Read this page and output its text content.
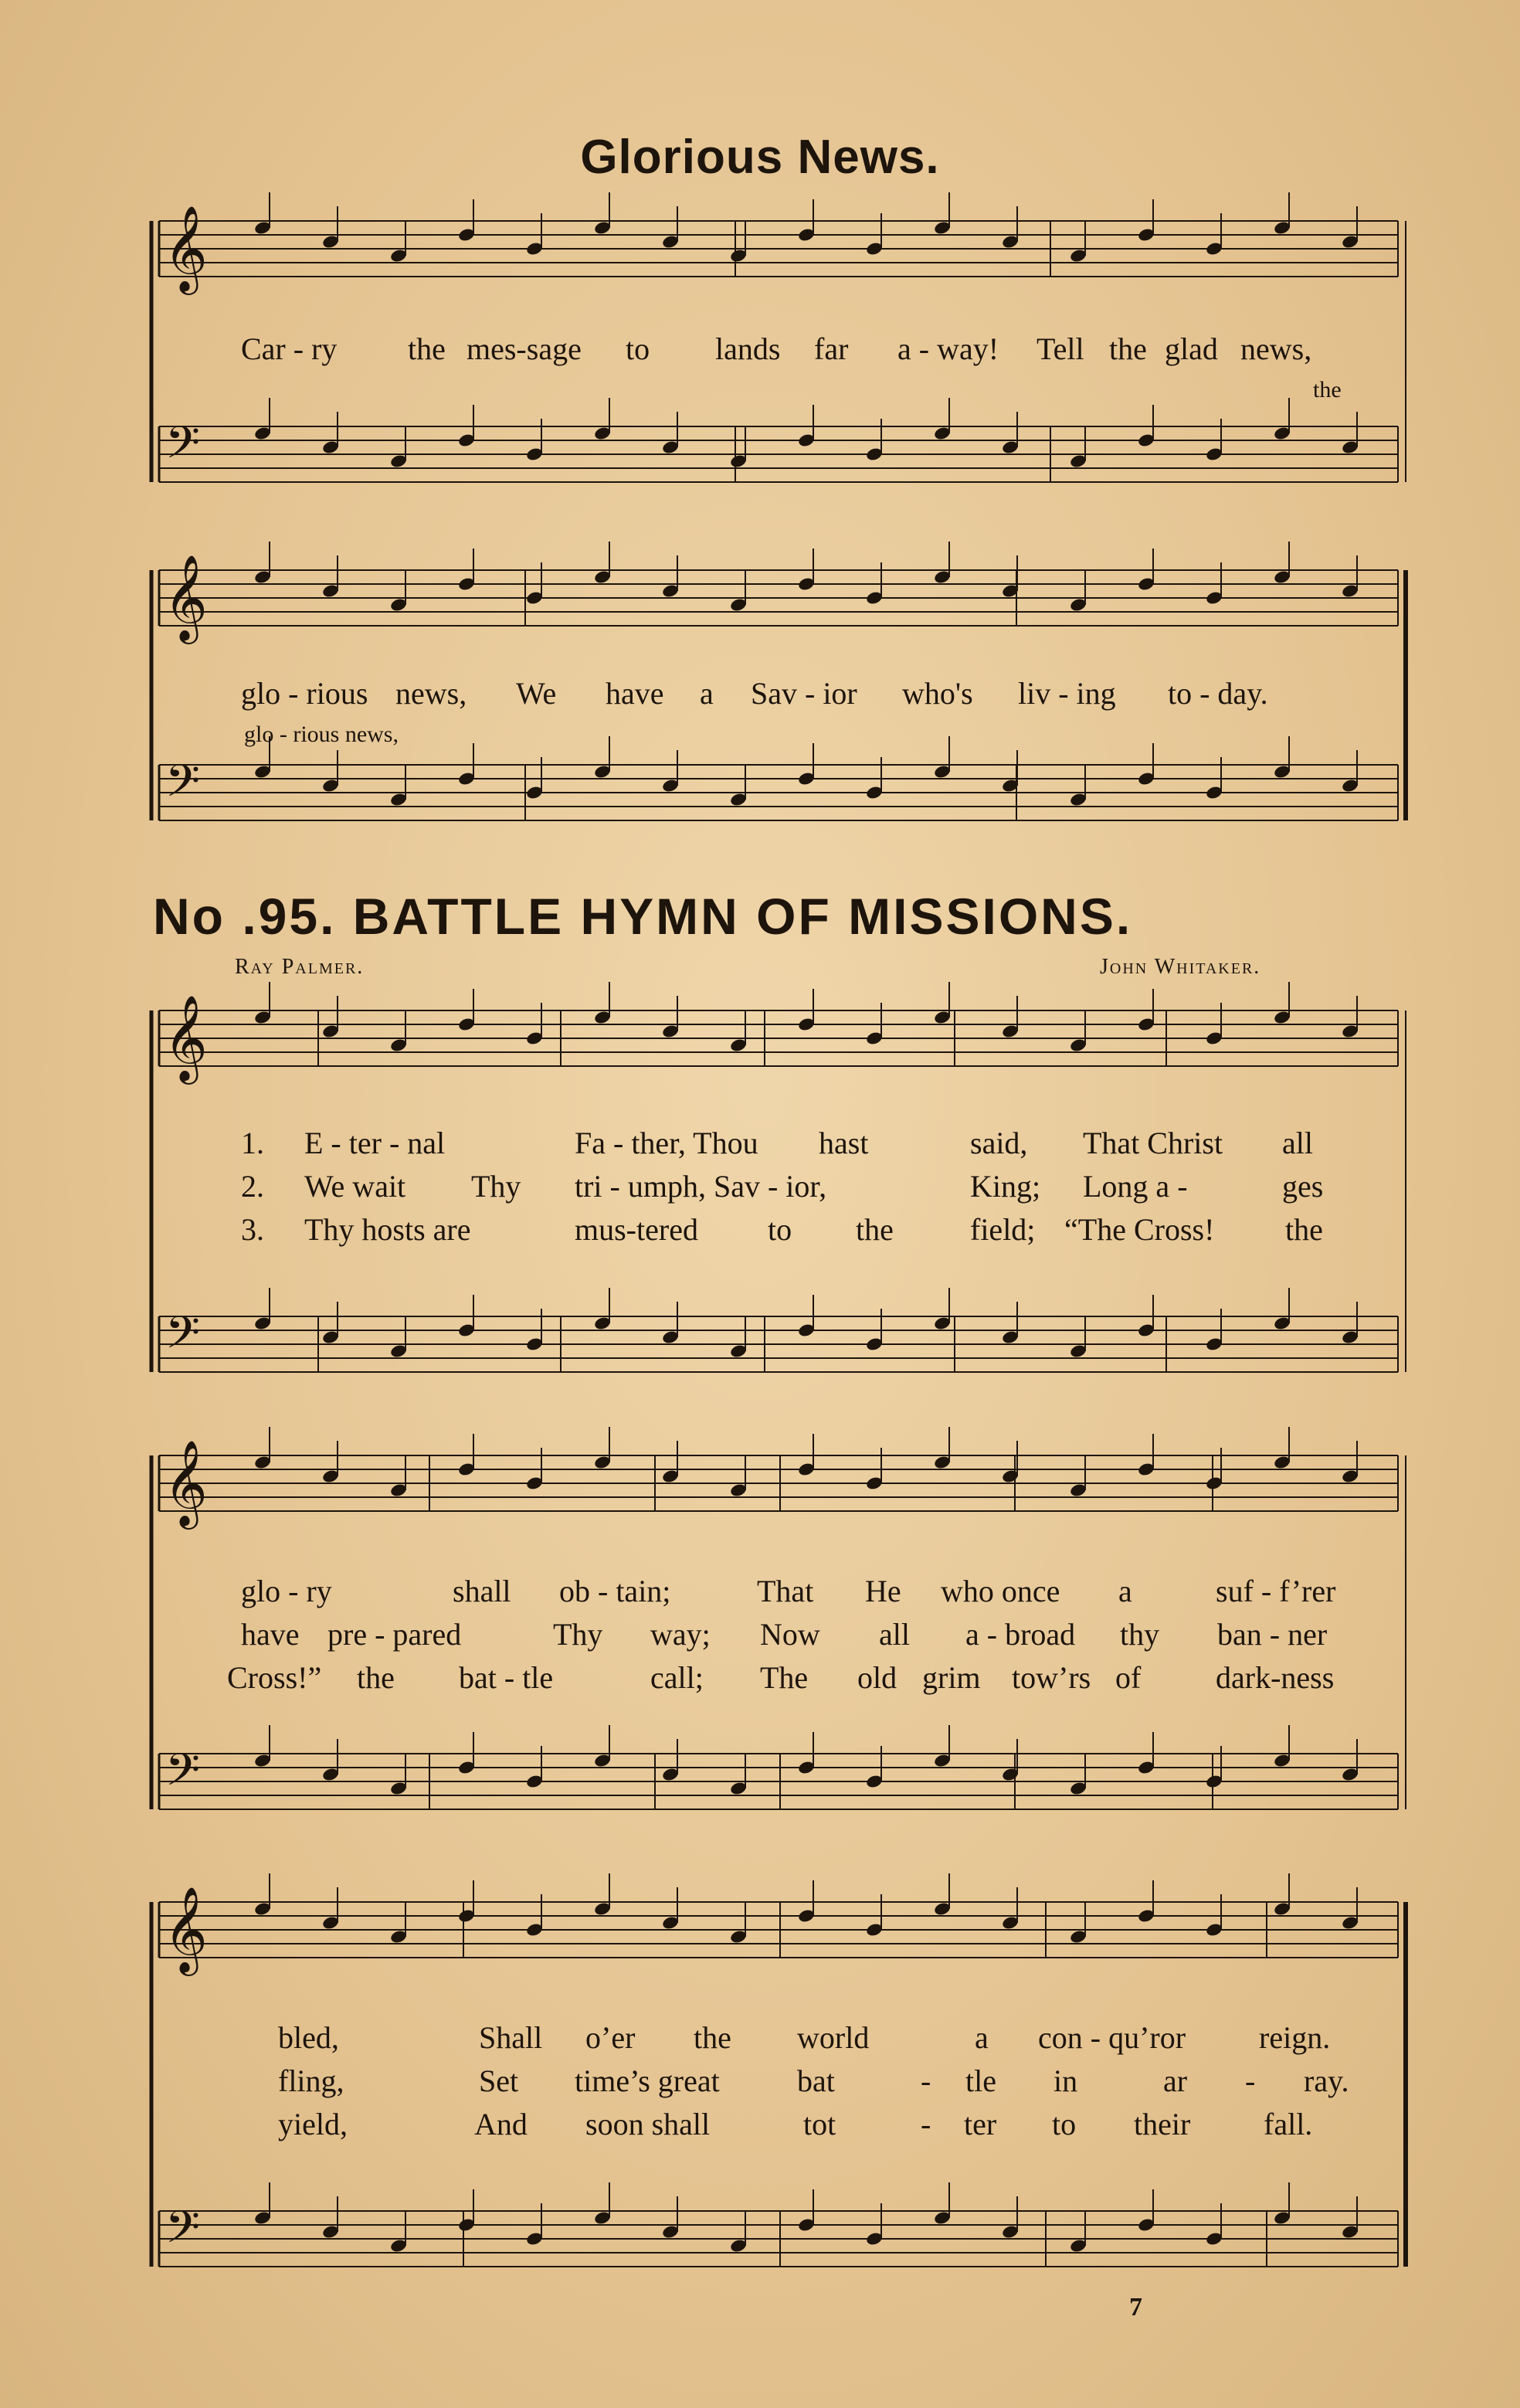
Glorious News.
𝄞
𝄢
𝄞
𝄢
𝄞
𝄢
𝄞
𝄢
𝄞
𝄢
Car - ry the mes-sage to lands far a - way! Tell the glad news,
the
glo - rious news, We have a Sav - ior who's liv - ing to - day.
glo - rious news,
No .95. BATTLE HYMN OF MISSIONS.
Ray Palmer.	John Whitaker.
1. E - ter - nal	Fa - ther, Thou hast	said, That Christ all
2. We wait Thy tri - umph, Sav - ior,	King; Long a -	ges
3. Thy hosts are	mus-tered to the field; “The Cross! the
glo - ry	shall ob - tain;	That He who once a	suf - f’rer
have pre - pared	Thy way; Now all a - broad thy ban - ner
Cross!” the bat - tle	call; The old grim tow’rs of dark-ness
bled,	Shall o’er the world	a con - qu’ror reign.
fling,	Set time’s great	bat	- tle in	ar - ray.
yield,	And soon shall	tot	- ter to their fall.
7
